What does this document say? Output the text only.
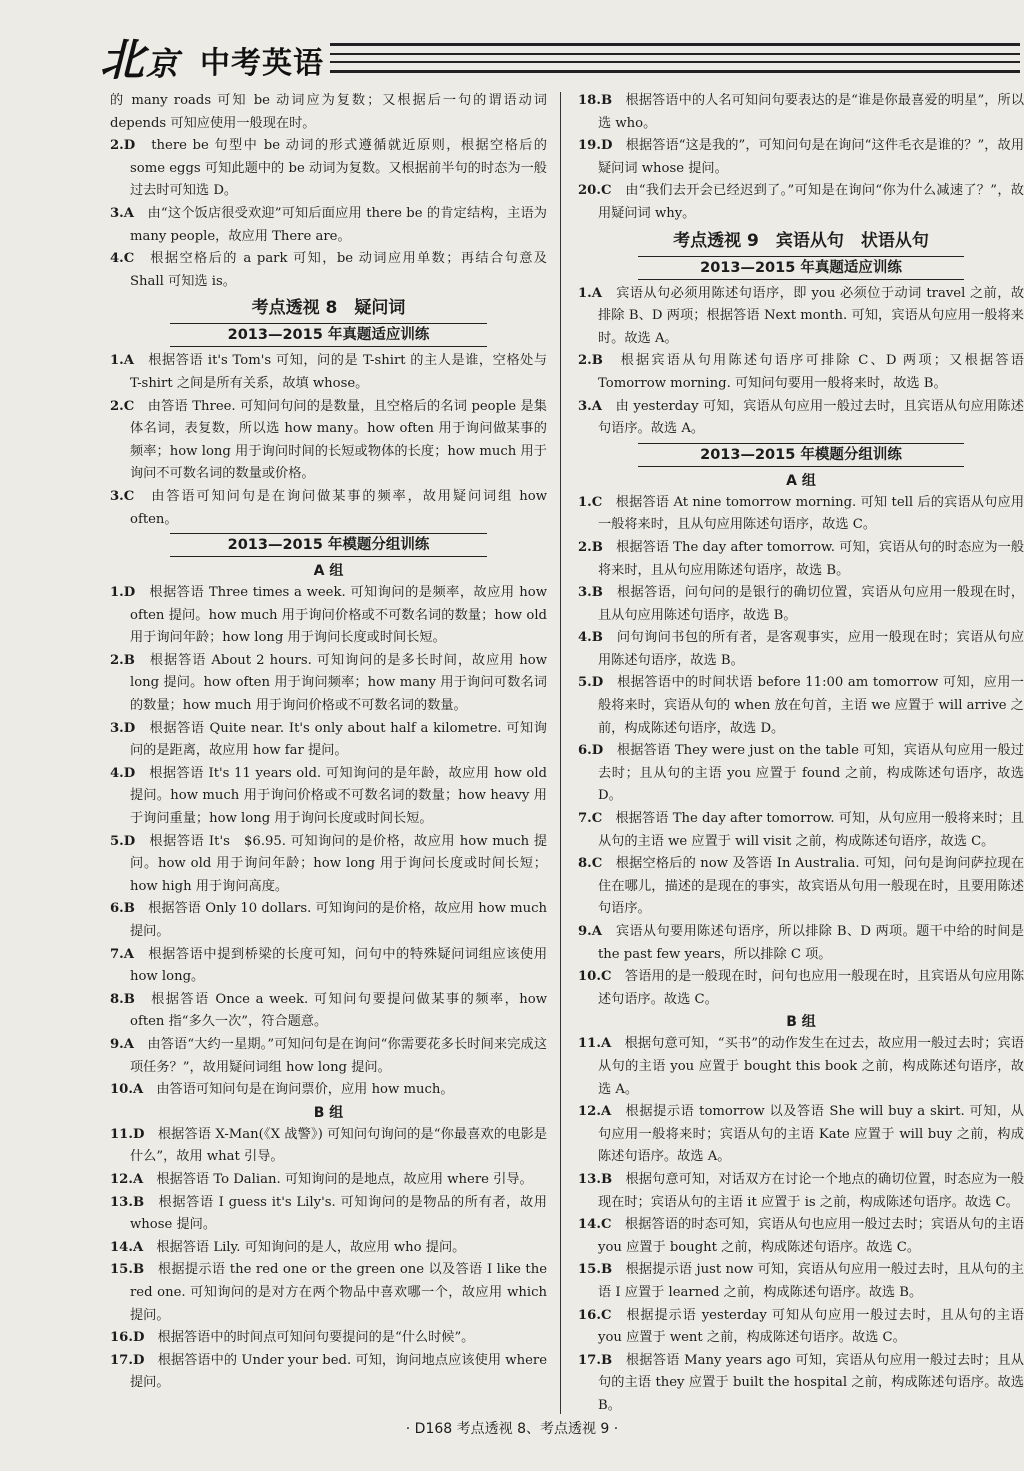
北京 中考英语
的 many roads 可知 be 动词应为复数；又根据后一句的谓语动词 depends 可知应使用一般现在时。
2.D　 there be 句型中 be 动词的形式遵循就近原则，根据空格后的 some eggs 可知此题中的 be 动词为复数。又根据前半句的时态为一般过去时可知选 D。
3.A　 由“这个饭店很受欢迎”可知后面应用 there be 的肯定结构，主语为 many people，故应用 There are。
4.C　 根据空格后的 a park 可知，be 动词应用单数；再结合句意及 Shall 可知选 is。
考点透视 8　疑问词
2013—2015 年真题适应训练
1.A　 根据答语 it's Tom's 可知，问的是 T-shirt 的主人是谁，空格处与 T-shirt 之间是所有关系，故填 whose。
2.C　 由答语 Three. 可知问句问的是数量，且空格后的名词 people 是集体名词，表复数，所以选 how many。how often 用于询问做某事的频率；how long 用于询问时间的长短或物体的长度；how much 用于询问不可数名词的数量或价格。
3.C　 由答语可知问句是在询问做某事的频率，故用疑问词组 how often。
2013—2015 年模题分组训练
A 组
1.D　 根据答语 Three times a week. 可知询问的是频率，故应用 how often 提问。how much 用于询问价格或不可数名词的数量；how old 用于询问年龄；how long 用于询问长度或时间长短。
2.B　 根据答语 About 2 hours. 可知询问的是多长时间，故应用 how long 提问。how often 用于询问频率；how many 用于询问可数名词的数量；how much 用于询问价格或不可数名词的数量。
3.D　 根据答语 Quite near. It's only about half a kilometre. 可知询问的是距离，故应用 how far 提问。
4.D　 根据答语 It's 11 years old. 可知询问的是年龄，故应用 how old 提问。how much 用于询问价格或不可数名词的数量；how heavy 用于询问重量；how long 用于询问长度或时间长短。
5.D　 根据答语 It's　$6.95. 可知询问的是价格，故应用 how much 提问。how old 用于询问年龄；how long 用于询问长度或时间长短；how high 用于询问高度。
6.B　 根据答语 Only 10 dollars. 可知询问的是价格，故应用 how much 提问。
7.A　 根据答语中提到桥梁的长度可知，问句中的特殊疑问词组应该使用 how long。
8.B　 根据答语 Once a week. 可知问句要提问做某事的频率，how often 指“多久一次”，符合题意。
9.A　 由答语“大约一星期。”可知问句是在询问“你需要花多长时间来完成这项任务？”，故用疑问词组 how long 提问。
10.A　 由答语可知问句是在询问票价，应用 how much。
B 组
11.D　 根据答语 X-Man(《X 战警》) 可知问句询问的是“你最喜欢的电影是什么”，故用 what 引导。
12.A　 根据答语 To Dalian. 可知询问的是地点，故应用 where 引导。
13.B　 根据答语 I guess it's Lily's. 可知询问的是物品的所有者，故用 whose 提问。
14.A　 根据答语 Lily. 可知询问的是人，故应用 who 提问。
15.B　 根据提示语 the red one or the green one 以及答语 I like the red one. 可知询问的是对方在两个物品中喜欢哪一个，故应用 which 提问。
16.D　 根据答语中的时间点可知问句要提问的是“什么时候”。
17.D　 根据答语中的 Under your bed. 可知，询问地点应该使用 where 提问。
18.B　 根据答语中的人名可知问句要表达的是“谁是你最喜爱的明星”，所以选 who。
19.D　 根据答语“这是我的”，可知问句是在询问“这件毛衣是谁的？”，故用疑问词 whose 提问。
20.C　 由“我们去开会已经迟到了。”可知是在询问“你为什么减速了？”，故用疑问词 why。
考点透视 9　宾语从句　状语从句
2013—2015 年真题适应训练
1.A　 宾语从句必须用陈述句语序，即 you 必须位于动词 travel 之前，故排除 B、D 两项；根据答语 Next month. 可知，宾语从句应用一般将来时。故选 A。
2.B　 根据宾语从句用陈述句语序可排除 C、D 两项；又根据答语 Tomorrow morning. 可知问句要用一般将来时，故选 B。
3.A　 由 yesterday 可知，宾语从句应用一般过去时，且宾语从句应用陈述句语序。故选 A。
2013—2015 年模题分组训练
A 组
1.C　 根据答语 At nine tomorrow morning. 可知 tell 后的宾语从句应用一般将来时，且从句应用陈述句语序，故选 C。
2.B　 根据答语 The day after tomorrow. 可知，宾语从句的时态应为一般将来时，且从句应用陈述句语序，故选 B。
3.B　 根据答语，问句问的是银行的确切位置，宾语从句应用一般现在时，且从句应用陈述句语序，故选 B。
4.B　 问句询问书包的所有者，是客观事实，应用一般现在时；宾语从句应用陈述句语序，故选 B。
5.D　 根据答语中的时间状语 before 11:00 am tomorrow 可知，应用一般将来时，宾语从句的 when 放在句首，主语 we 应置于 will arrive 之前，构成陈述句语序，故选 D。
6.D　 根据答语 They were just on the table 可知，宾语从句应用一般过去时；且从句的主语 you 应置于 found 之前，构成陈述句语序，故选 D。
7.C　 根据答语 The day after tomorrow. 可知，从句应用一般将来时；且从句的主语 we 应置于 will visit 之前，构成陈述句语序，故选 C。
8.C　 根据空格后的 now 及答语 In Australia. 可知，问句是询问萨拉现在住在哪儿，描述的是现在的事实，故宾语从句用一般现在时，且要用陈述句语序。
9.A　 宾语从句要用陈述句语序，所以排除 B、D 两项。题干中给的时间是 the past few years，所以排除 C 项。
10.C　 答语用的是一般现在时，问句也应用一般现在时，且宾语从句应用陈述句语序。故选 C。
B 组
11.A　 根据句意可知，“买书”的动作发生在过去，故应用一般过去时；宾语从句的主语 you 应置于 bought this book 之前，构成陈述句语序，故选 A。
12.A　 根据提示语 tomorrow 以及答语 She will buy a skirt. 可知，从句应用一般将来时；宾语从句的主语 Kate 应置于 will buy 之前，构成陈述句语序。故选 A。
13.B　 根据句意可知，对话双方在讨论一个地点的确切位置，时态应为一般现在时；宾语从句的主语 it 应置于 is 之前，构成陈述句语序。故选 C。
14.C　 根据答语的时态可知，宾语从句也应用一般过去时；宾语从句的主语 you 应置于 bought 之前，构成陈述句语序。故选 C。
15.B　 根据提示语 just now 可知，宾语从句应用一般过去时，且从句的主语 I 应置于 learned 之前，构成陈述句语序。故选 B。
16.C　 根据提示语 yesterday 可知从句应用一般过去时，且从句的主语 you 应置于 went 之前，构成陈述句语序。故选 C。
17.B　 根据答语 Many years ago 可知，宾语从句应用一般过去时；且从句的主语 they 应置于 built the hospital 之前，构成陈述句语序。故选 B。
· D168 考点透视 8、考点透视 9 ·
